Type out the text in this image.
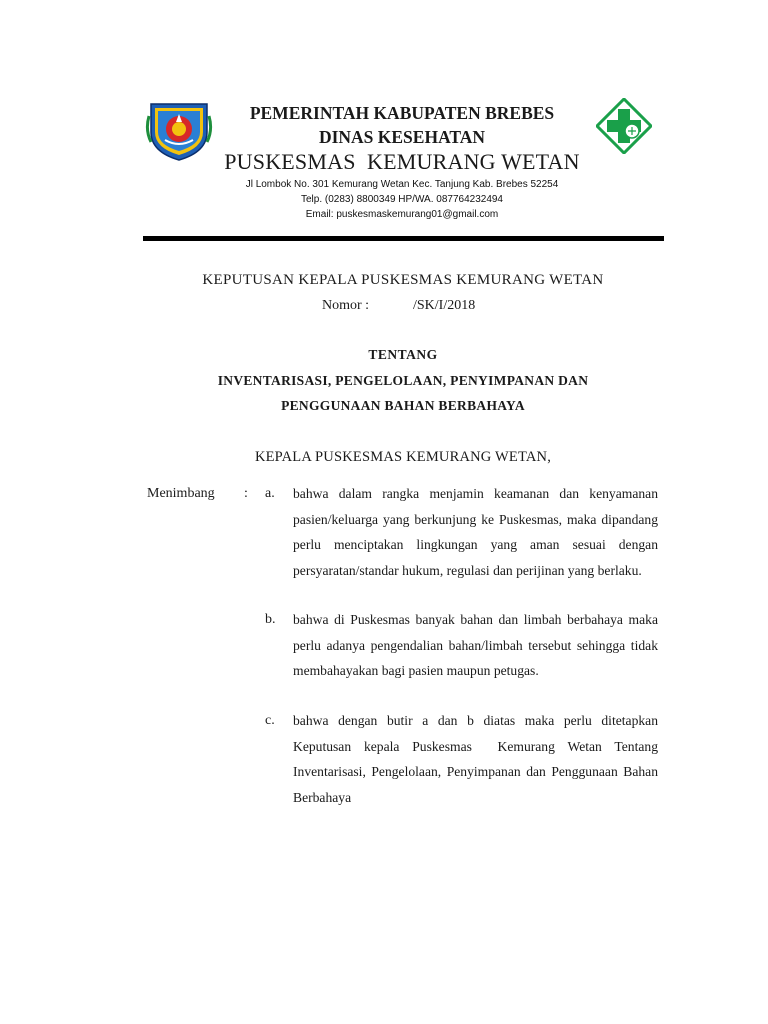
PEMERINTAH KABUPATEN BREBES
DINAS KESEHATAN
PUSKESMAS  KEMURANG WETAN
Jl Lombok No. 301 Kemurang Wetan Kec. Tanjung Kab. Brebes 52254
Telp. (0283) 8800349 HP/WA. 087764232494
Email: puskesmaskemurang01@gmail.com
KEPUTUSAN KEPALA PUSKESMAS KEMURANG WETAN
Nomor :	/SK/I/2018
TENTANG
INVENTARISASI, PENGELOLAAN, PENYIMPANAN DAN
PENGGUNAAN BAHAN BERBAHAYA
KEPALA PUSKESMAS KEMURANG WETAN,
Menimbang : a. bahwa dalam rangka menjamin keamanan dan kenyamanan pasien/keluarga yang berkunjung ke Puskesmas, maka dipandang perlu menciptakan lingkungan yang aman sesuai dengan persyaratan/standar hukum, regulasi dan perijinan yang berlaku.
b. bahwa di Puskesmas banyak bahan dan limbah berbahaya maka perlu adanya pengendalian bahan/limbah tersebut sehingga tidak membahayakan bagi pasien maupun petugas.
c. bahwa dengan butir a dan b diatas maka perlu ditetapkan Keputusan kepala Puskesmas  Kemurang Wetan Tentang Inventarisasi, Pengelolaan, Penyimpanan dan Penggunaan Bahan Berbahaya
